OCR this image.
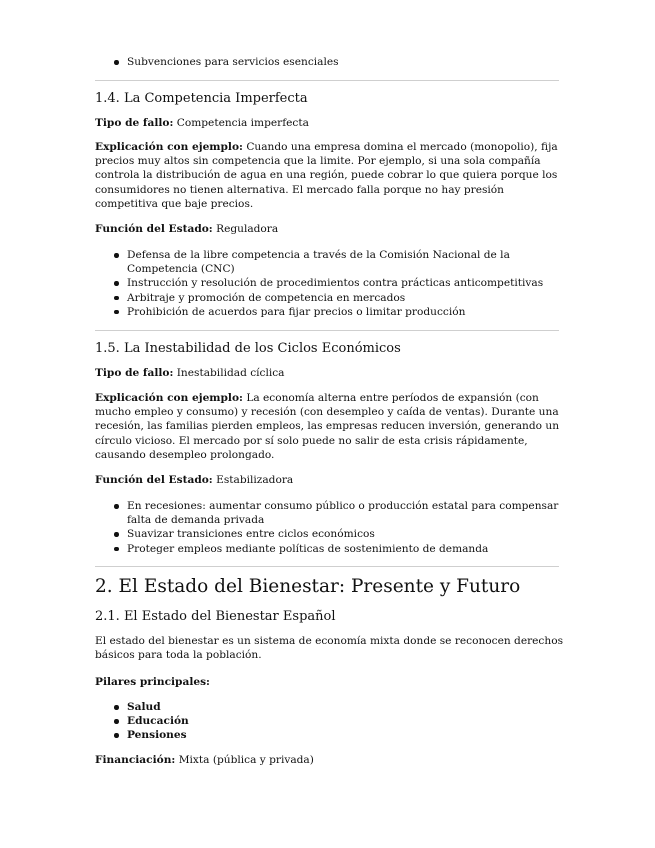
Subvenciones para servicios esenciales
1.4. La Competencia Imperfecta

Tipo de fallo: Competencia imperfecta

Explicación con ejemplo: Cuando una empresa domina el mercado (monopolio), fija precios muy altos sin competencia que la limite. Por ejemplo, si una sola compañía controla la distribución de agua en una región, puede cobrar lo que quiera porque los consumidores no tienen alternativa. El mercado falla porque no hay presión competitiva que baje precios.

Función del Estado: Reguladora

Defensa de la libre competencia a través de la Comisión Nacional de la Competencia (CNC)
Instrucción y resolución de procedimientos contra prácticas anticompetitivas
Arbitraje y promoción de competencia en mercados
Prohibición de acuerdos para fijar precios o limitar producción
1.5. La Inestabilidad de los Ciclos Económicos

Tipo de fallo: Inestabilidad cíclica

Explicación con ejemplo: La economía alterna entre períodos de expansión (con mucho empleo y consumo) y recesión (con desempleo y caída de ventas). Durante una recesión, las familias pierden empleos, las empresas reducen inversión, generando un círculo vicioso. El mercado por sí solo puede no salir de esta crisis rápidamente, causando desempleo prolongado.

Función del Estado: Estabilizadora

En recesiones: aumentar consumo público o producción estatal para compensar falta de demanda privada
Suavizar transiciones entre ciclos económicos
Proteger empleos mediante políticas de sostenimiento de demanda
2. El Estado del Bienestar: Presente y Futuro
2.1. El Estado del Bienestar Español

El estado del bienestar es un sistema de economía mixta donde se reconocen derechos básicos para toda la población.

Pilares principales:

Salud
Educación
Pensiones

Financiación: Mixta (pública y privada)
